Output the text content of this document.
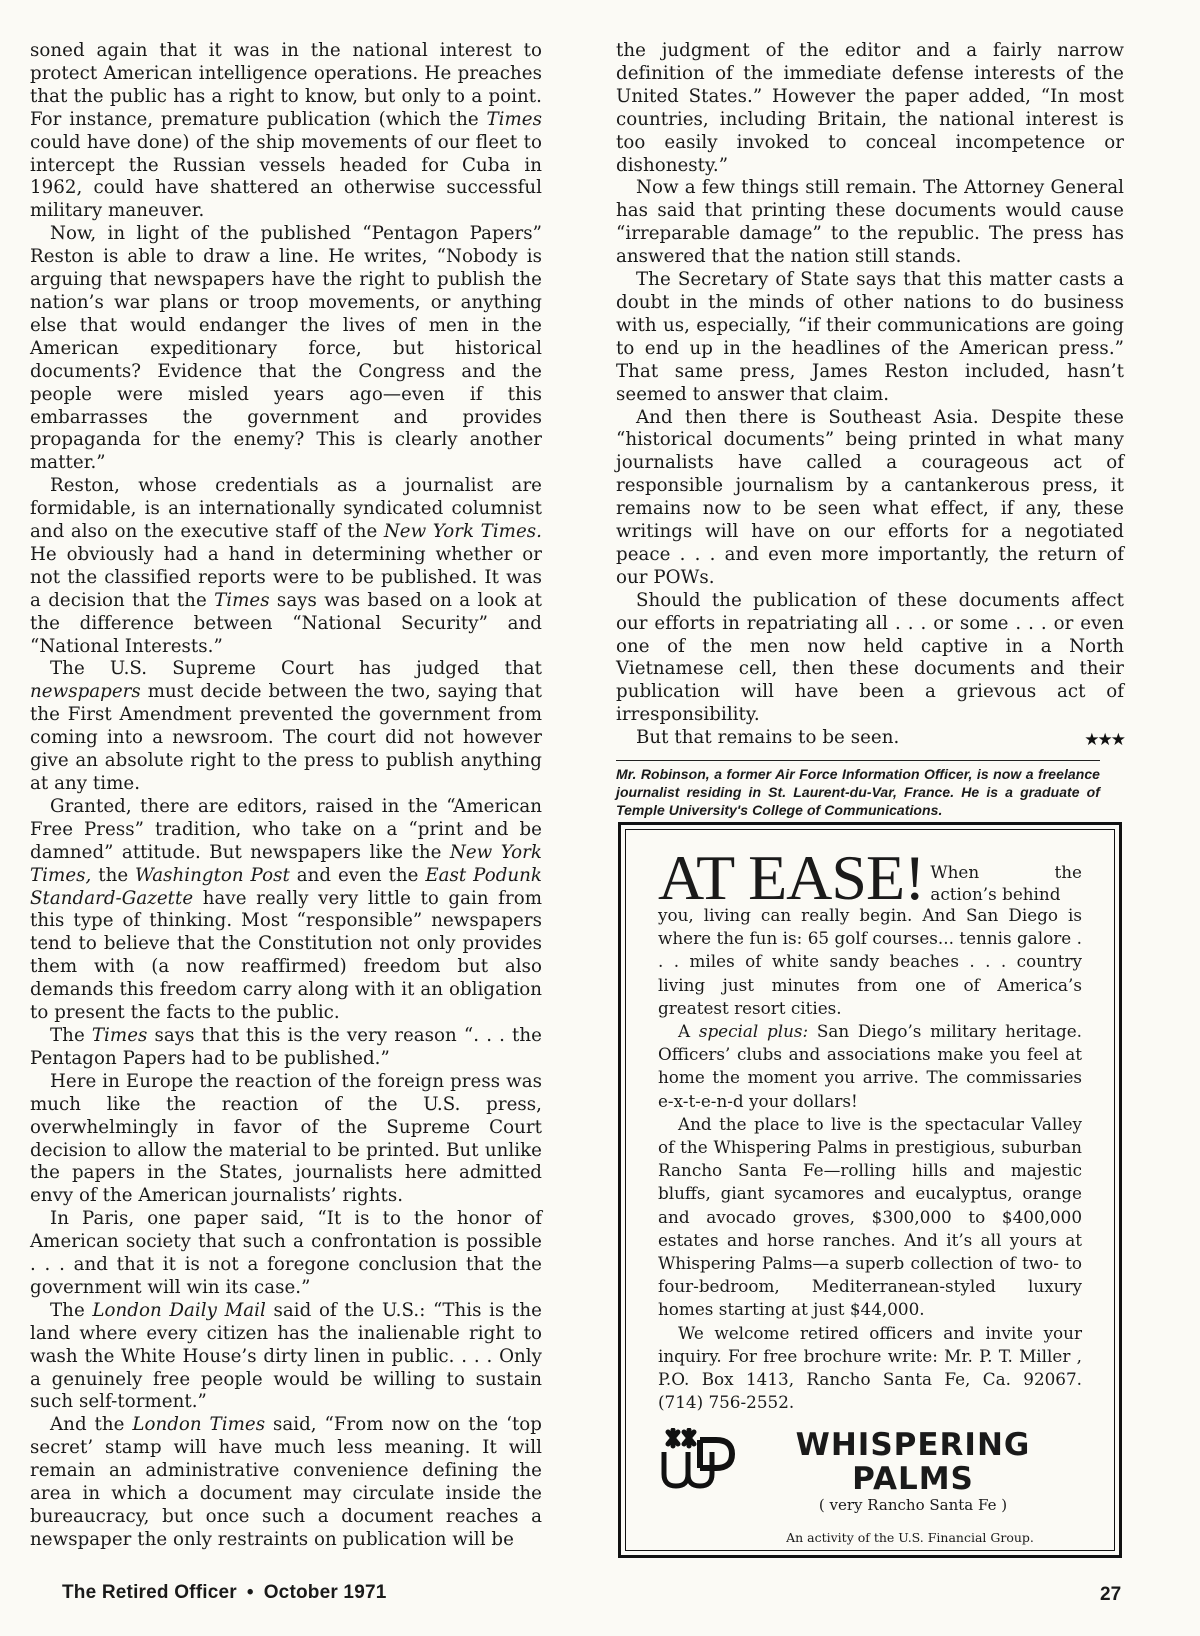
soned again that it was in the national interest to protect American intelligence operations. He preaches that the public has a right to know, but only to a point. For instance, premature publication (which the Times could have done) of the ship movements of our fleet to intercept the Russian vessels headed for Cuba in 1962, could have shattered an otherwise successful military maneuver.

Now, in light of the published “Pentagon Papers” Reston is able to draw a line. He writes, “Nobody is arguing that newspapers have the right to publish the nation’s war plans or troop movements, or anything else that would endanger the lives of men in the American expeditionary force, but historical documents? Evidence that the Congress and the people were misled years ago—even if this embarrasses the government and provides propaganda for the enemy? This is clearly another matter.”

Reston, whose credentials as a journalist are formidable, is an internationally syndicated columnist and also on the executive staff of the New York Times. He obviously had a hand in determining whether or not the classified reports were to be published. It was a decision that the Times says was based on a look at the difference between “National Security” and “National Interests.”

The U.S. Supreme Court has judged that newspapers must decide between the two, saying that the First Amendment prevented the government from coming into a newsroom. The court did not however give an absolute right to the press to publish anything at any time.

Granted, there are editors, raised in the “American Free Press” tradition, who take on a “print and be damned” attitude. But newspapers like the New York Times, the Washington Post and even the East Podunk Standard-Gazette have really very little to gain from this type of thinking. Most “responsible” newspapers tend to believe that the Constitution not only provides them with (a now reaffirmed) freedom but also demands this freedom carry along with it an obligation to present the facts to the public.

The Times says that this is the very reason “. . . the Pentagon Papers had to be published.”

Here in Europe the reaction of the foreign press was much like the reaction of the U.S. press, overwhelmingly in favor of the Supreme Court decision to allow the material to be printed. But unlike the papers in the States, journalists here admitted envy of the American journalists’ rights.

In Paris, one paper said, “It is to the honor of American society that such a confrontation is possible . . . and that it is not a foregone conclusion that the government will win its case.”

The London Daily Mail said of the U.S.: “This is the land where every citizen has the inalienable right to wash the White House’s dirty linen in public. . . . Only a genuinely free people would be willing to sustain such self-torment.”

And the London Times said, “From now on the ‘top secret’ stamp will have much less meaning. It will remain an administrative convenience defining the area in which a document may circulate inside the bureaucracy, but once such a document reaches a newspaper the only restraints on publication will be

the judgment of the editor and a fairly narrow definition of the immediate defense interests of the United States.” However the paper added, “In most countries, including Britain, the national interest is too easily invoked to conceal incompetence or dishonesty.”

Now a few things still remain. The Attorney General has said that printing these documents would cause “irreparable damage” to the republic. The press has answered that the nation still stands.

The Secretary of State says that this matter casts a doubt in the minds of other nations to do business with us, especially, “if their communications are going to end up in the headlines of the American press.” That same press, James Reston included, hasn’t seemed to answer that claim.

And then there is Southeast Asia. Despite these “historical documents” being printed in what many journalists have called a courageous act of responsible journalism by a cantankerous press, it remains now to be seen what effect, if any, these writings will have on our efforts for a negotiated peace . . . and even more importantly, the return of our POWs.

Should the publication of these documents affect our efforts in repatriating all . . . or some . . . or even one of the men now held captive in a North Vietnamese cell, then these documents and their publication will have been a grievous act of irresponsibility.

But that remains to be seen.	★★★

Mr. Robinson, a former Air Force Information Officer, is now a freelance journalist residing in St. Laurent-du-Var, France. He is a graduate of Temple University's College of Communications.
AT EASE! When the action’s behind

you, living can really begin. And San Diego is where the fun is: 65 golf courses... tennis galore . . . miles of white sandy beaches . . . country living just minutes from one of America’s greatest resort cities.

A special plus: San Diego’s military heritage. Officers’ clubs and associations make you feel at home the moment you arrive. The commissaries e-x-t-e-n-d your dollars!

And the place to live is the spectacular Valley of the Whispering Palms in prestigious, suburban Rancho Santa Fe—rolling hills and majestic bluffs, giant sycamores and eucalyptus, orange and avocado groves, $300,000 to $400,000 estates and horse ranches. And it’s all yours at Whispering Palms—a superb collection of two- to four-bedroom, Mediterranean-styled luxury homes starting at just $44,000.

We welcome retired officers and invite your inquiry. For free brochure write: Mr. P. T. Miller , P.O. Box 1413, Rancho Santa Fe, Ca. 92067. (714) 756-2552.

WHISPERING PALMS
( very Rancho Santa Fe )
An activity of the U.S. Financial Group.
The Retired Officer • October 1971	27
